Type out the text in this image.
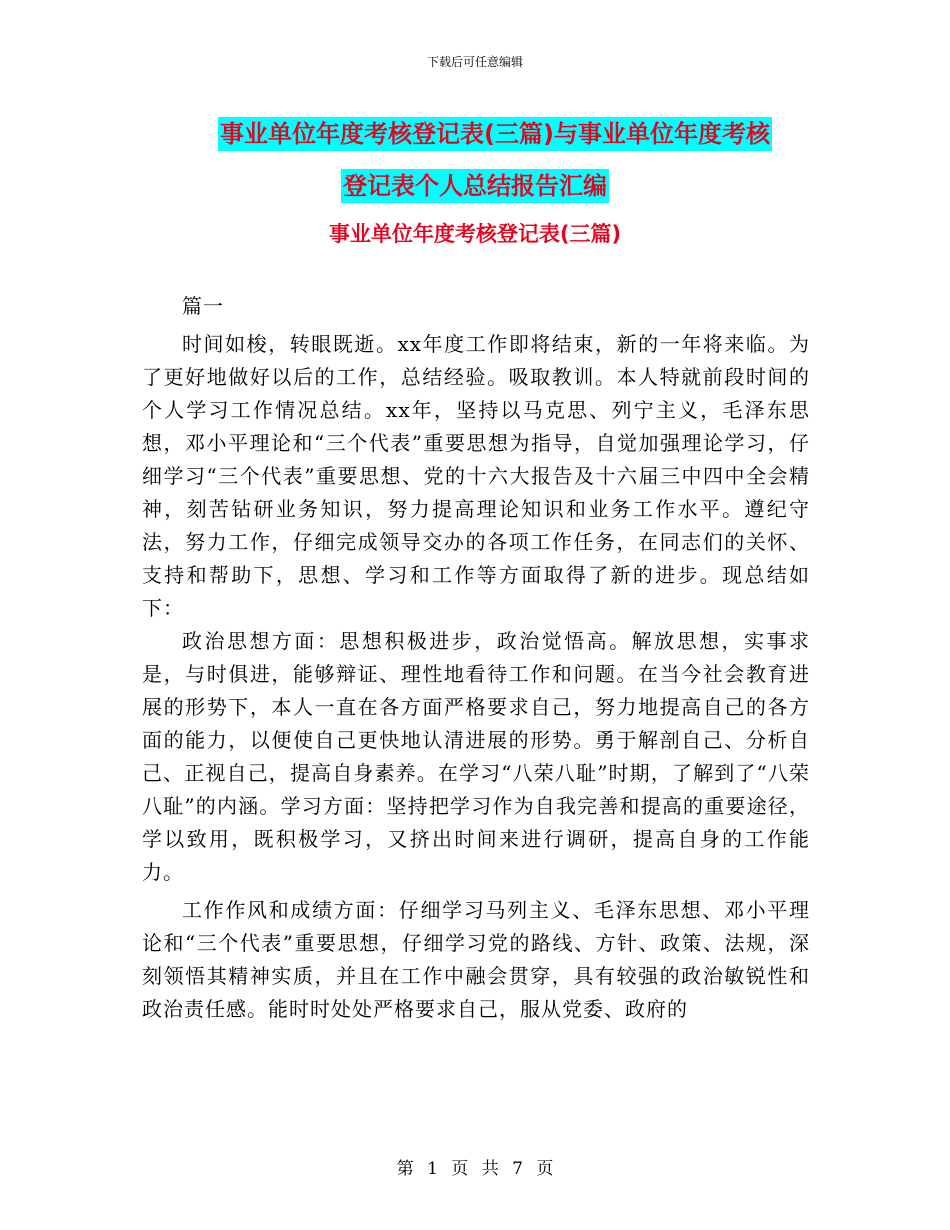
下载后可任意编辑
事业单位年度考核登记表(三篇)与事业单位年度考核
登记表个人总结报告汇编
事业单位年度考核登记表(三篇)

篇一

时间如梭，转眼既逝。xx年度工作即将结束，新的一年将来临。为了更好地做好以后的工作，总结经验。吸取教训。本人特就前段时间的个人学习工作情况总结。xx年，坚持以马克思、列宁主义，毛泽东思想，邓小平理论和“三个代表”重要思想为指导，自觉加强理论学习，仔细学习“三个代表”重要思想、党的十六大报告及十六届三中四中全会精神，刻苦钻研业务知识，努力提高理论知识和业务工作水平。遵纪守法，努力工作，仔细完成领导交办的各项工作任务，在同志们的关怀、支持和帮助下，思想、学习和工作等方面取得了新的进步。现总结如下：

政治思想方面：思想积极进步，政治觉悟高。解放思想，实事求是，与时俱进，能够辩证、理性地看待工作和问题。在当今社会教育进展的形势下，本人一直在各方面严格要求自己，努力地提高自己的各方面的能力，以便使自己更快地认清进展的形势。勇于解剖自己、分析自己、正视自己，提高自身素养。在学习“八荣八耻”时期，了解到了“八荣八耻”的内涵。学习方面：坚持把学习作为自我完善和提高的重要途径，学以致用，既积极学习，又挤出时间来进行调研，提高自身的工作能力。

工作作风和成绩方面：仔细学习马列主义、毛泽东思想、邓小平理论和“三个代表”重要思想，仔细学习党的路线、方针、政策、法规，深刻领悟其精神实质，并且在工作中融会贯穿，具有较强的政治敏锐性和政治责任感。能时时处处严格要求自己，服从党委、政府的

第 1 页 共 7 页
